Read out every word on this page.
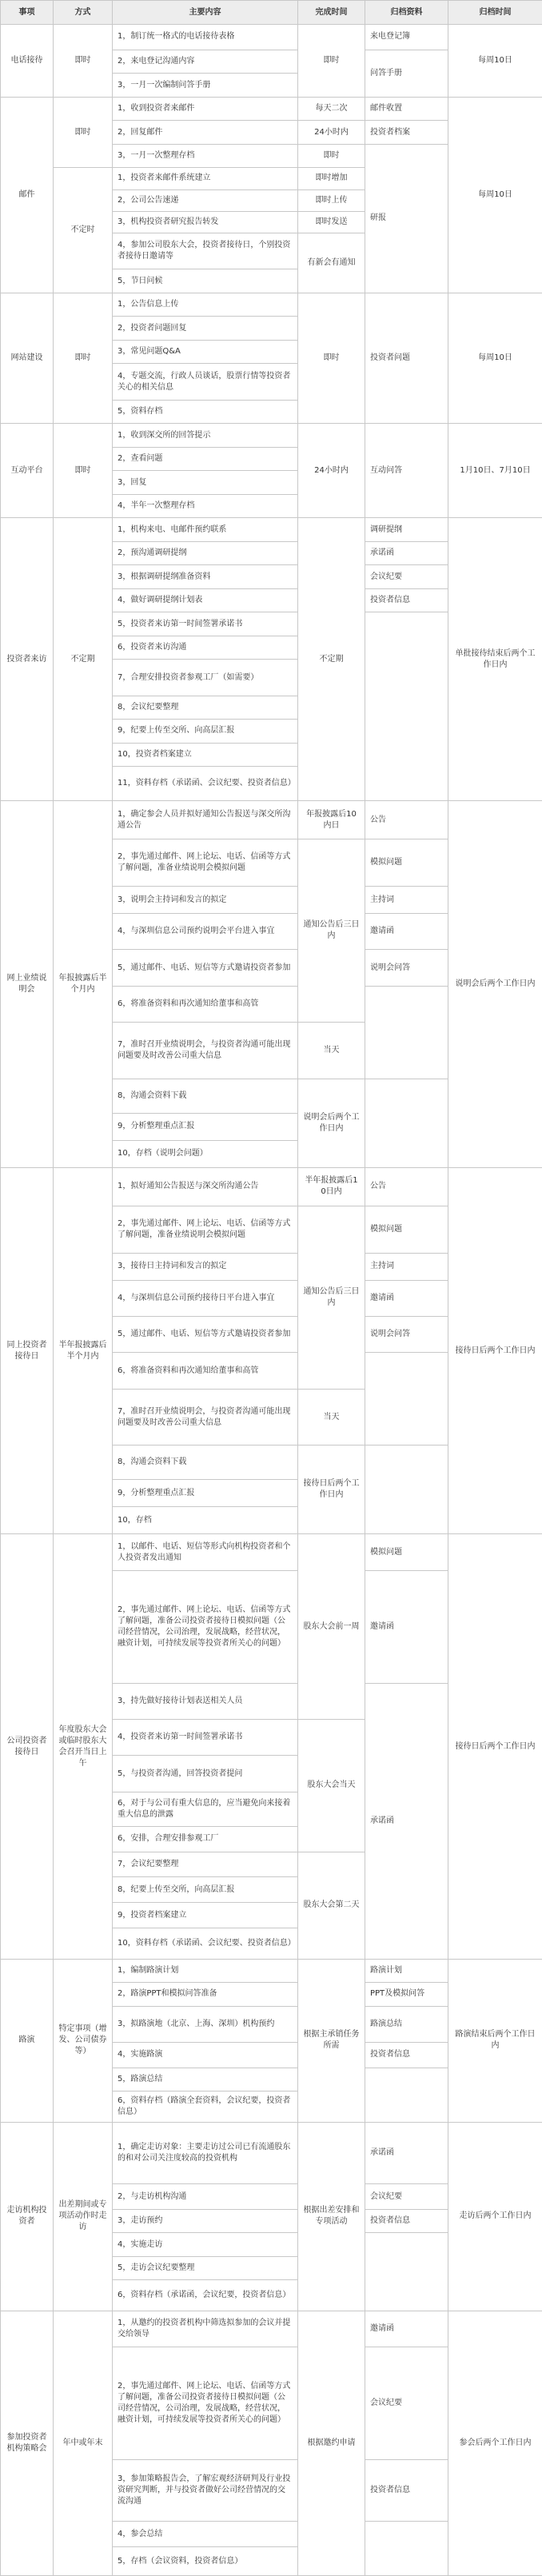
事项	方式	主要内容	完成时间	归档资料	归档时间
电话接待	即时	1，制订统一格式的电话接待表格	即时	来电登记簿	每周10日
		2，来电登记沟通内容		问答手册	
		3，一月一次编制问答手册			
邮件	即时	1，收到投资者来邮件	每天二次	邮件收置	每周10日
		2，回复邮件	24小时内	投资者档案	
		3，一月一次整理存档	即时	研报	
	不定时	1，投资者来邮件系统建立	即时增加		
		2，公司公告速递	即时上传		
		3，机构投资者研究报告转发	即时发送		
		4，参加公司股东大会，投资者接待日，个别投资者接待日邀请等	有新会有通知		
		5，节日问候			
网站建设	即时	1，公告信息上传	即时	投资者问题	每周10日
		2，投资者问题回复			
		3，常见问题Q&A			
		4，专题交流，行政人员谈话，股票行情等投资者关心的相关信息			
		5，资料存档			
互动平台	即时	1，收到深交所的回答提示	24小时内	互动问答	1月10日、7月10日
		2，查看问题			
		3，回复			
		4，半年一次整理存档			
投资者来访	不定期	1，机构来电、电邮件预约联系	不定期	调研提纲	单批接待结束后两个工作日内
		2，预沟通调研提纲		承诺函	
		3，根据调研提纲准备资料		会议纪要	
		4，做好调研提纲计划表		投资者信息	
		5，投资者来访第一时间签署承诺书			
		6，投资者来访沟通			
		7，合理安排投资者参观工厂（如需要）			
		8，会议纪要整理			
		9，纪要上传至交所、向高层汇报			
		10，投资者档案建立			
		11，资料存档（承诺函、会议纪要、投资者信息）			
网上业绩说明会	年报披露后半个月内	1，确定参会人员并拟好通知公告报送与深交所沟通公告	年报披露后10内日	公告	说明会后两个工作日内
		2，事先通过邮件、网上论坛、电话、信函等方式了解问题，准备业绩说明会模拟问题	通知公告后三日内	模拟问题	
		3，说明会主持词和发言的拟定		主持词	
		4，与深圳信息公司预约说明会平台进入事宜		邀请函	
		5，通过邮件、电话、短信等方式邀请投资者参加		说明会问答	
		6，将准备资料和再次通知给董事和高管			
		7，准时召开业绩说明会，与投资者沟通可能出现问题要及时改善公司重大信息	当天		
		8，沟通会资料下载	说明会后两个工作日内		
		9，分析整理重点汇报			
		10，存档（说明会问题）			
同上投资者接待日	半年报披露后半个月内	1，拟好通知公告报送与深交所沟通公告	半年报披露后10日内	公告	接待日后两个工作日内
		2，事先通过邮件、网上论坛、电话、信函等方式了解问题，准备业绩说明会模拟问题	通知公告后三日内	模拟问题	
		3，接待日主持词和发言的拟定		主持词	
		4，与深圳信息公司预约接待日平台进入事宜		邀请函	
		5，通过邮件、电话、短信等方式邀请投资者参加		说明会问答	
		6，将准备资料和再次通知给董事和高管			
		7，准时召开业绩说明会，与投资者沟通可能出现问题要及时改善公司重大信息	当天		
		8，沟通会资料下载	接待日后两个工作日内		
		9，分析整理重点汇报			
		10，存档			
公司投资者接待日	年度股东大会或临时股东大会召开当日上午	1，以邮件、电话、短信等形式向机构投资者和个人投资者发出通知	股东大会前一周	模拟问题	接待日后两个工作日内
		2，事先通过邮件、网上论坛、电话、信函等方式了解问题，准备公司投资者接待日模拟问题（公司经营情况，公司治理，发展战略，经营状况，融资计划，可持续发展等投资者所关心的问题）		邀请函	
		3，持先做好接待计划表送相关人员		承诺函	
		4，投资者来访第一时间签署承诺书	股东大会当天		
		5，与投资者沟通，回答投资者提问			
		6，对于与公司有重大信息的，应当避免向来接着重大信息的泄露			
		6，安排，合理安排参观工厂			
		7，会议纪要整理	股东大会第二天		
		8，纪要上传至交所，向高层汇报			
		9，投资者档案建立			
		10，资料存档（承诺函、会议纪要、投资者信息）			
路演	特定事项（增发、公司债券等）	1，编制路演计划	根据主承销任务所需	路演计划	路演结束后两个工作日内
		2，路演PPT和模拟问答准备		PPT及模拟问答	
		3，拟路演地（北京、上海、深圳）机构预约		路演总结	
		4，实施路演		投资者信息	
		5，路演总结			
		6，资料存档（路演全套资料，会议纪要，投资者信息）			
走访机构投资者	出差期间或专项活动作时走访	1，确定走访对象：主要走访过公司已有流通股东的和对公司关注度较高的投资机构	根据出差安排和专项活动	承诺函	走访后两个工作日内
		2，与走访机构沟通		会议纪要	
		3，走访预约		投资者信息	
		4，实施走访			
		5，走访会议纪要整理			
		6，资料存档（承诺函，会议纪要，投资者信息）			
参加投资者机构策略会	年中或年末	1，从邀约的投资者机构中筛选拟参加的会议并提交给领导	根据邀约申请	邀请函	参会后两个工作日内
		2，事先通过邮件、网上论坛、电话、信函等方式了解问题，准备公司投资者接待日模拟问题（公司经营情况，公司治理，发展战略，经营状况，融资计划，可持续发展等投资者所关心的问题）		会议纪要	
		3，参加策略报告会，了解宏观经济研判及行业投资研究判断，并与投资者做好公司经营情况的交流沟通		投资者信息	
		4，参会总结			
		5，存档（会议资料，投资者信息）			
